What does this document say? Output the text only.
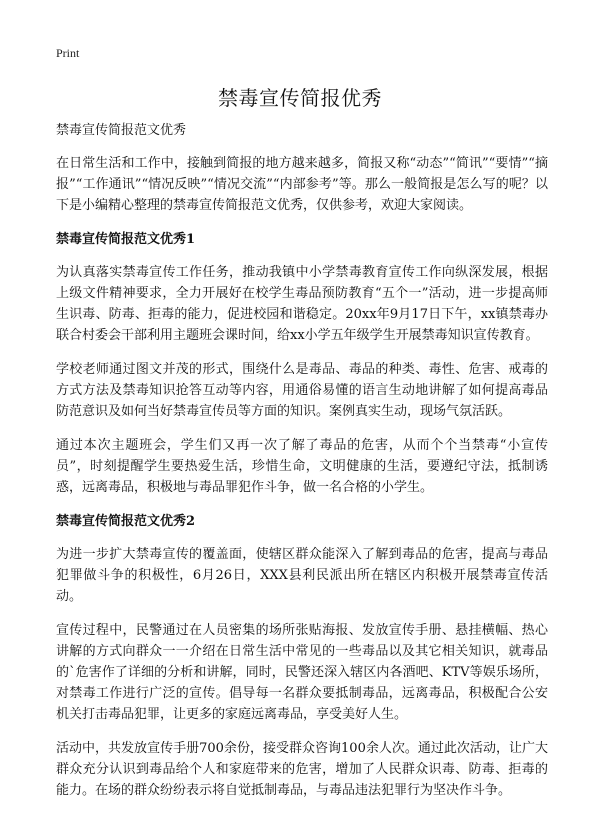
Print
禁毒宣传简报优秀

禁毒宣传简报范文优秀

在日常生活和工作中，接触到简报的地方越来越多，简报又称“动态”“简讯”“要情”“摘报”“工作通讯”“情况反映”“情况交流”“内部参考”等。那么一般简报是怎么写的呢？以下是小编精心整理的禁毒宣传简报范文优秀，仅供参考，欢迎大家阅读。

禁毒宣传简报范文优秀1

为认真落实禁毒宣传工作任务，推动我镇中小学禁毒教育宣传工作向纵深发展，根据上级文件精神要求，全力开展好在校学生毒品预防教育“五个一”活动，进一步提高师生识毒、防毒、拒毒的能力，促进校园和谐稳定。20xx年9月17日下午，xx镇禁毒办联合村委会干部利用主题班会课时间，给xx小学五年级学生开展禁毒知识宣传教育。

学校老师通过图文并茂的形式，围绕什么是毒品、毒品的种类、毒性、危害、戒毒的方式方法及禁毒知识抢答互动等内容，用通俗易懂的语言生动地讲解了如何提高毒品防范意识及如何当好禁毒宣传员等方面的知识。案例真实生动，现场气氛活跃。

通过本次主题班会，学生们又再一次了解了毒品的危害，从而个个当禁毒“小宣传员”，时刻提醒学生要热爱生活，珍惜生命，文明健康的生活，要遵纪守法，抵制诱惑，远离毒品，积极地与毒品罪犯作斗争，做一名合格的小学生。

禁毒宣传简报范文优秀2

为进一步扩大禁毒宣传的覆盖面，使辖区群众能深入了解到毒品的危害，提高与毒品犯罪做斗争的积极性，6月26日，XXX县利民派出所在辖区内积极开展禁毒宣传活动。

宣传过程中，民警通过在人员密集的场所张贴海报、发放宣传手册、悬挂横幅、热心讲解的方式向群众一一介绍在日常生活中常见的一些毒品以及其它相关知识，就毒品的`危害作了详细的分析和讲解，同时，民警还深入辖区内各酒吧、KTV等娱乐场所，对禁毒工作进行广泛的宣传。倡导每一名群众要抵制毒品，远离毒品，积极配合公安机关打击毒品犯罪，让更多的家庭远离毒品，享受美好人生。

活动中，共发放宣传手册700余份，接受群众咨询100余人次。通过此次活动，让广大群众充分认识到毒品给个人和家庭带来的危害，增加了人民群众识毒、防毒、拒毒的能力。在场的群众纷纷表示将自觉抵制毒品，与毒品违法犯罪行为坚决作斗争。
